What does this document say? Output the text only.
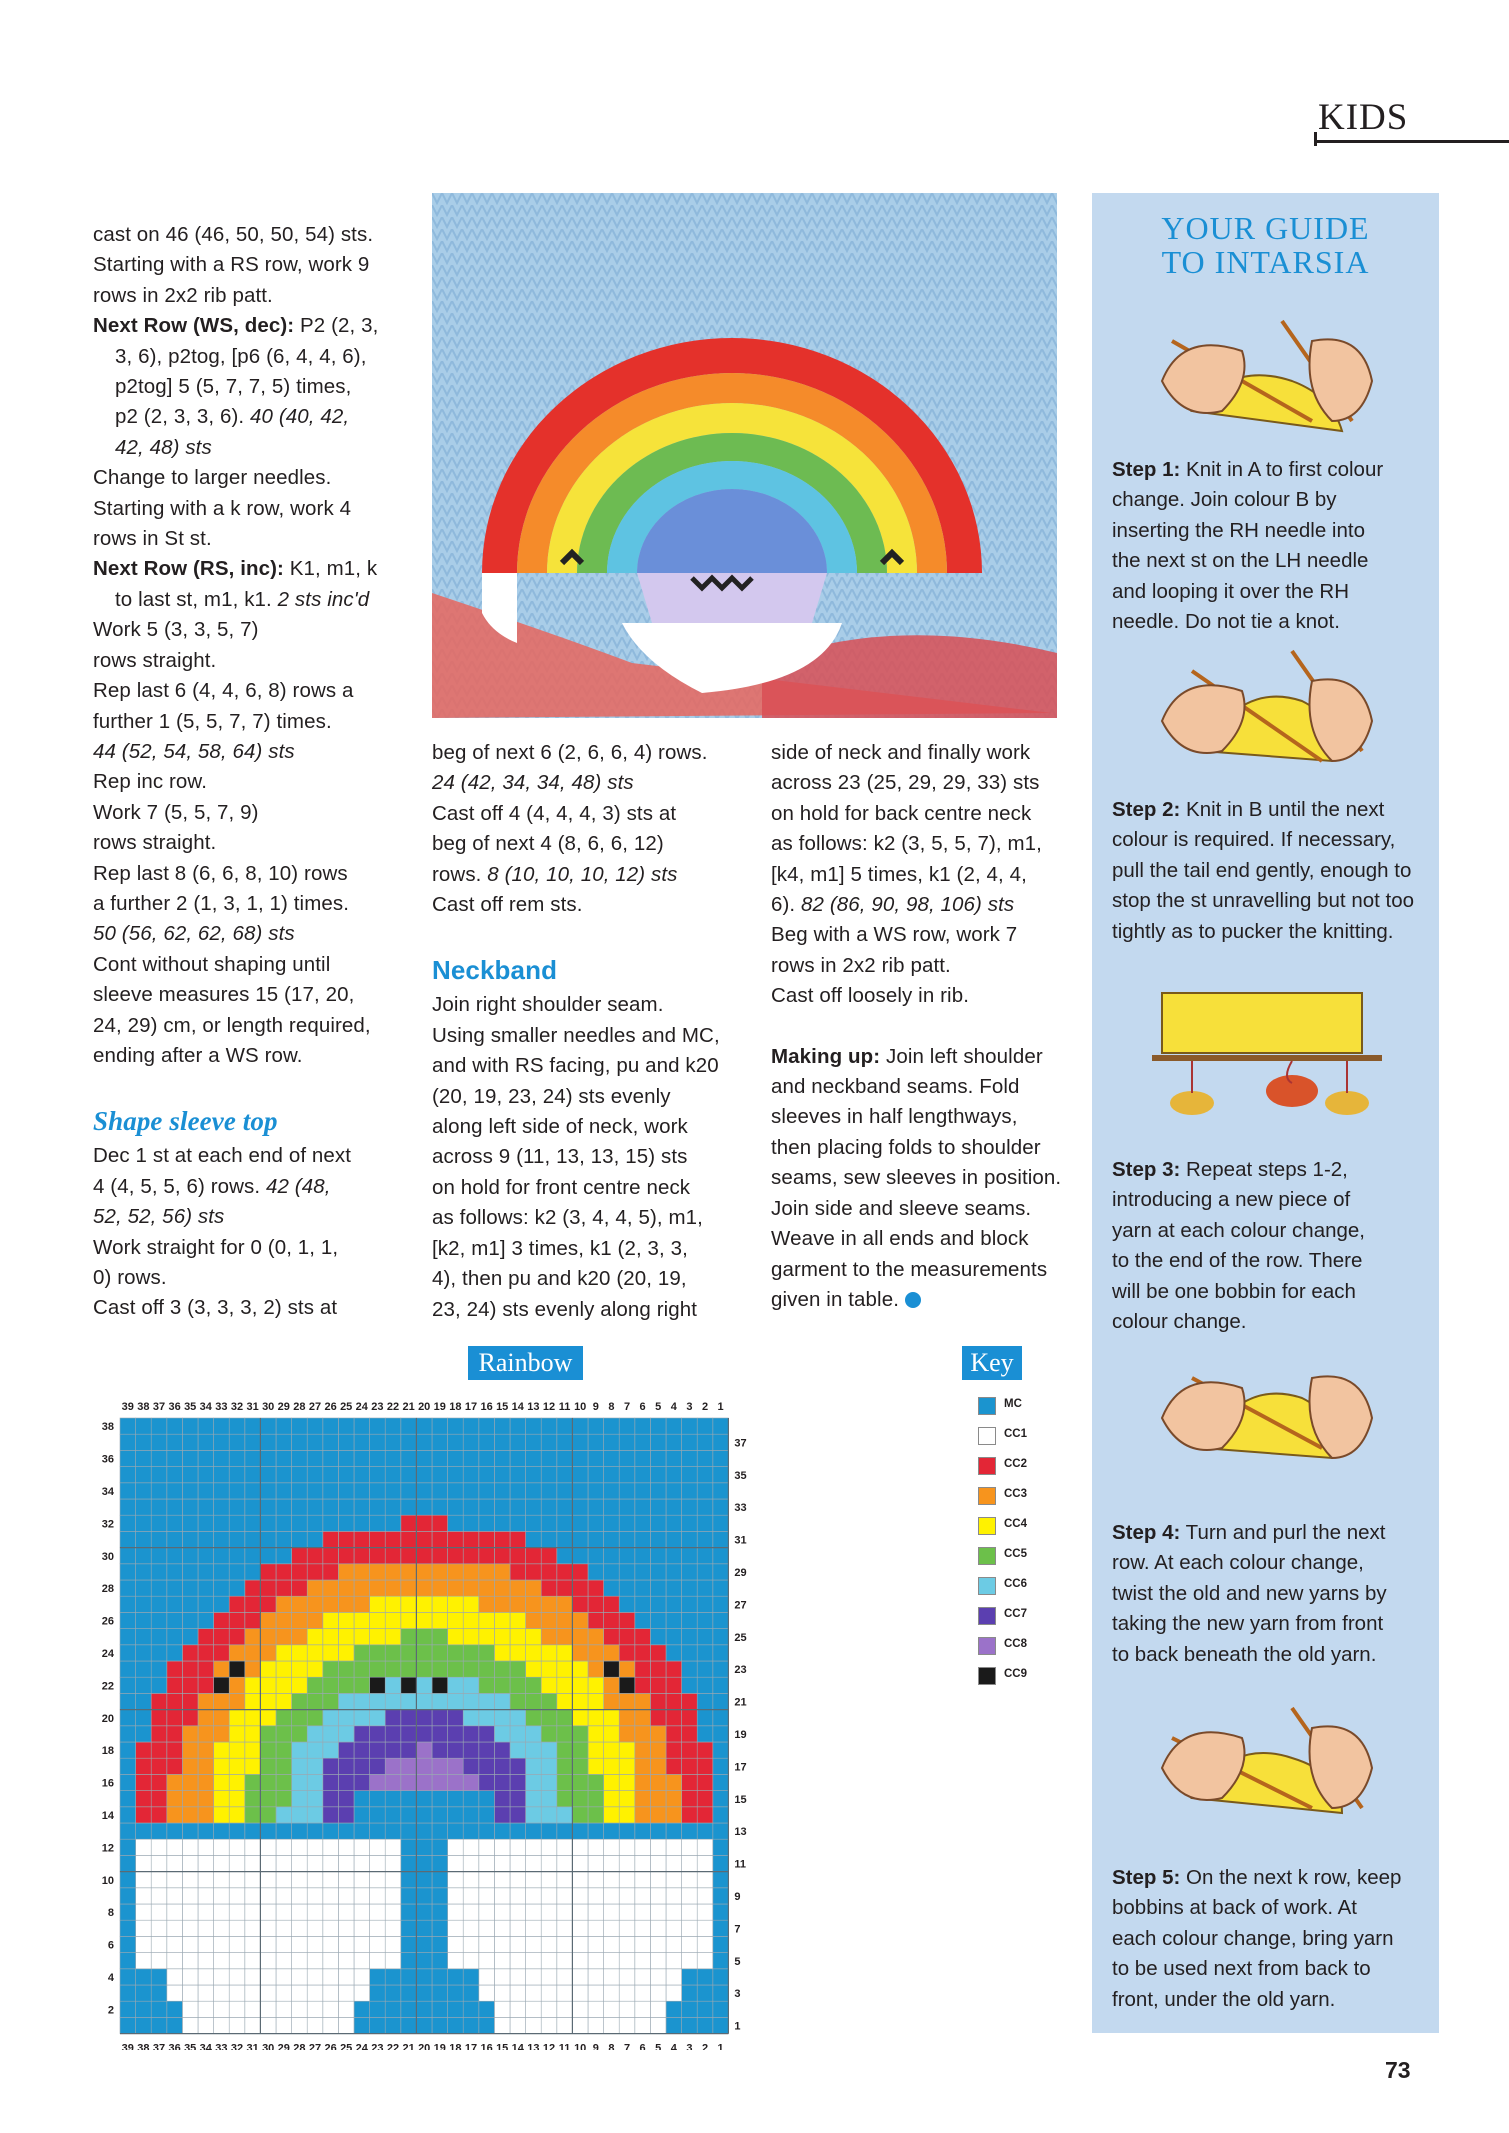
KIDS

cast on 46 (46, 50, 50, 54) sts.

Starting with a RS row, work 9

rows in 2x2 rib patt.

Next Row (WS, dec): P2 (2, 3,

3, 6), p2tog, [p6 (6, 4, 4, 6),

p2tog] 5 (5, 7, 7, 5) times,

p2 (2, 3, 3, 6). 40 (40, 42,

42, 48) sts

Change to larger needles.

Starting with a k row, work 4

rows in St st.

Next Row (RS, inc): K1, m1, k

to last st, m1, k1. 2 sts inc'd

Work 5 (3, 3, 5, 7)

rows straight.

Rep last 6 (4, 4, 6, 8) rows a

further 1 (5, 5, 7, 7) times.

44 (52, 54, 58, 64) sts

Rep inc row.

Work 7 (5, 5, 7, 9)

rows straight.

Rep last 8 (6, 6, 8, 10) rows

a further 2 (1, 3, 1, 1) times.

50 (56, 62, 62, 68) sts

Cont without shaping until

sleeve measures 15 (17, 20,

24, 29) cm, or length required,

ending after a WS row.

Shape sleeve top

Dec 1 st at each end of next

4 (4, 5, 5, 6) rows. 42 (48,

52, 52, 56) sts

Work straight for 0 (0, 1, 1,

0) rows.

Cast off 3 (3, 3, 3, 2) sts at

beg of next 6 (2, 6, 6, 4) rows.

24 (42, 34, 34, 48) sts

Cast off 4 (4, 4, 4, 3) sts at

beg of next 4 (8, 6, 6, 12)

rows. 8 (10, 10, 10, 12) sts

Cast off rem sts.

Neckband

Join right shoulder seam.

Using smaller needles and MC,

and with RS facing, pu and k20

(20, 19, 23, 24) sts evenly

along left side of neck, work

across 9 (11, 13, 13, 15) sts

on hold for front centre neck

as follows: k2 (3, 4, 4, 5), m1,

[k2, m1] 3 times, k1 (2, 3, 3,

4), then pu and k20 (20, 19,

23, 24) sts evenly along right

side of neck and finally work

across 23 (25, 29, 29, 33) sts

on hold for back centre neck

as follows: k2 (3, 5, 5, 7), m1,

[k4, m1] 5 times, k1 (2, 4, 4,

6). 82 (86, 90, 98, 106) sts

Beg with a WS row, work 7

rows in 2x2 rib patt.

Cast off loosely in rib.

Making up: Join left shoulder

and neckband seams. Fold

sleeves in half lengthways,

then placing folds to shoulder

seams, sew sleeves in position.

Join side and sleeve seams.

Weave in all ends and block

garment to the measurements

given in table.

YOUR GUIDE
TO INTARSIA
Step 1: Knit in A to first colour
change. Join colour B by
inserting the RH needle into
the next st on the LH needle
and looping it over the RH
needle. Do not tie a knot.
Step 2: Knit in B until the next
colour is required. If necessary,
pull the tail end gently, enough to
stop the st unravelling but not too
tightly as to pucker the knitting.
Step 3: Repeat steps 1-2,
introducing a new piece of
yarn at each colour change,
to the end of the row. There
will be one bobbin for each
colour change.
Step 4: Turn and purl the next
row. At each colour change,
twist the old and new yarns by
taking the new yarn from front
to back beneath the old yarn.
Step 5: On the next k row, keep
bobbins at back of work. At
each colour change, bring yarn
to be used next from back to
front, under the old yarn.
Rainbow	Key
39
39
38
38
37
37
36
36
35
35
34
34
33
33
32
32
31
31
30
30
29
29
28
28
27
27
26
26
25
25
24
24
23
23
22
22
21
21
20
20
19
19
18
18
17
17
16
16
15
15
14
14
13
13
12
12
11
11
10
10
9
9
8
8
7
7
6
6
5
5
4
4
3
3
2
2
1
1
38
36
34
32
30
28
26
24
22
20
18
16
14
12
10
8
6
4
2
37
35
33
31
29
27
25
23
21
19
17
15
13
11
9
7
5
3
1
MC
CC1
CC2
CC3
CC4
CC5
CC6
CC7
CC8
CC9
73
